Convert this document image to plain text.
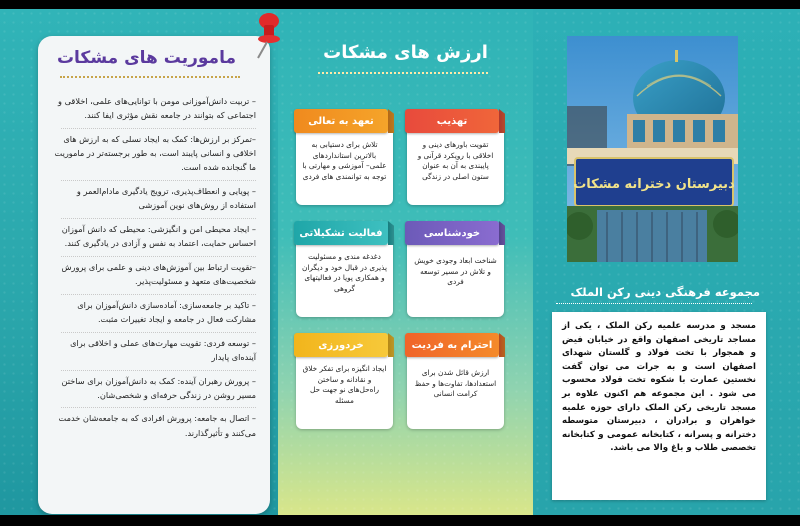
ماموریت های مشکات

– تربیت دانش‌آموزانی مومن با توانایی‌های علمی، اخلاقی و اجتماعی که بتوانند در جامعه نقش مؤثری ایفا کنند.

–تمرکز بر ارزش‌ها: کمک به ایجاد نسلی که به ارزش های اخلاقی و انسانی پایبند است، به طور برجسته‌تر در ماموریت ما گنجانده شده است.

– پویایی و انعطاف‌پذیری، ترویج یادگیری مادام‌العمر و استفاده از روش‌های نوین آموزشی

– ایجاد محیطی امن و انگیزشی: محیطی که دانش آموزان احساس حمایت، اعتماد به نفس و آزادی در یادگیری کنند.

–تقویت ارتباط بین آموزش‌های دینی و علمی برای پرورش شخصیت‌های متعهد و مسئولیت‌پذیر.

– تاکید بر جامعه‌سازی: آماده‌سازی دانش‌آموزان برای مشارکت فعال در جامعه و ایجاد تغییرات مثبت.

– توسعه فردی: تقویت مهارت‌های عملی و اخلاقی برای آینده‌ای پایدار

– پرورش رهبران آینده: کمک به دانش‌آموزان برای ساختن مسیر روشن در زندگی حرفه‌ای و شخصی‌شان.

– اتصال به جامعه: پرورش افرادی که به جامعه‌شان خدمت می‌کنند و تأثیرگذارند.

ارزش های مشکات
تهذیب
تقویت باورهای دینی و اخلاقی با رویکرد قرآنی و پایبندی به آن به عنوان ستون اصلی در زندگی
تعهد به تعالی
تلاش برای دستیابی به بالاترین استانداردهای علمی– آموزشی و مهارتی با توجه به توانمندی های فردی
خودشناسی
شناخت ابعاد وجودی خویش و تلاش در مسیر توسعه فردی
فعالیت تشکیلاتی
دغدغه مندی و مسئولیت پذیری در قبال خود و دیگران و همکاری پویا در فعالیتهای گروهی
احترام به فردیت
ارزش قائل شدن برای استعدادها، تفاوت‌ها و حفظ کرامت انسانی
خردورزی
ایجاد انگیزه برای تفکر خلاق و نقادانه و ساختن راه‌حل‌های نو جهت حل مسئله
دبیرستان دخترانه مشکات
مجموعه فرهنگی دینی رکن الملک
مسجد و مدرسه علمیه رکن الملک ، یکی از مساجد تاریخی اصفهان واقع در خیابان فیض و همجوار با تخت فولاد و گلستان شهدای اصفهان است و به جرات می توان گفت نخستین عمارت با شکوه تخت فولاد محسوب می شود . این مجموعه هم اکنون علاوه بر مسجد تاریخی رکن الملک دارای حوزه علمیه خواهران و برادران ، دبیرستان متوسطه دخترانه و پسرانه ، کتابخانه عمومی و کتابخانه تخصصی طلاب و باغ والا می باشد.
